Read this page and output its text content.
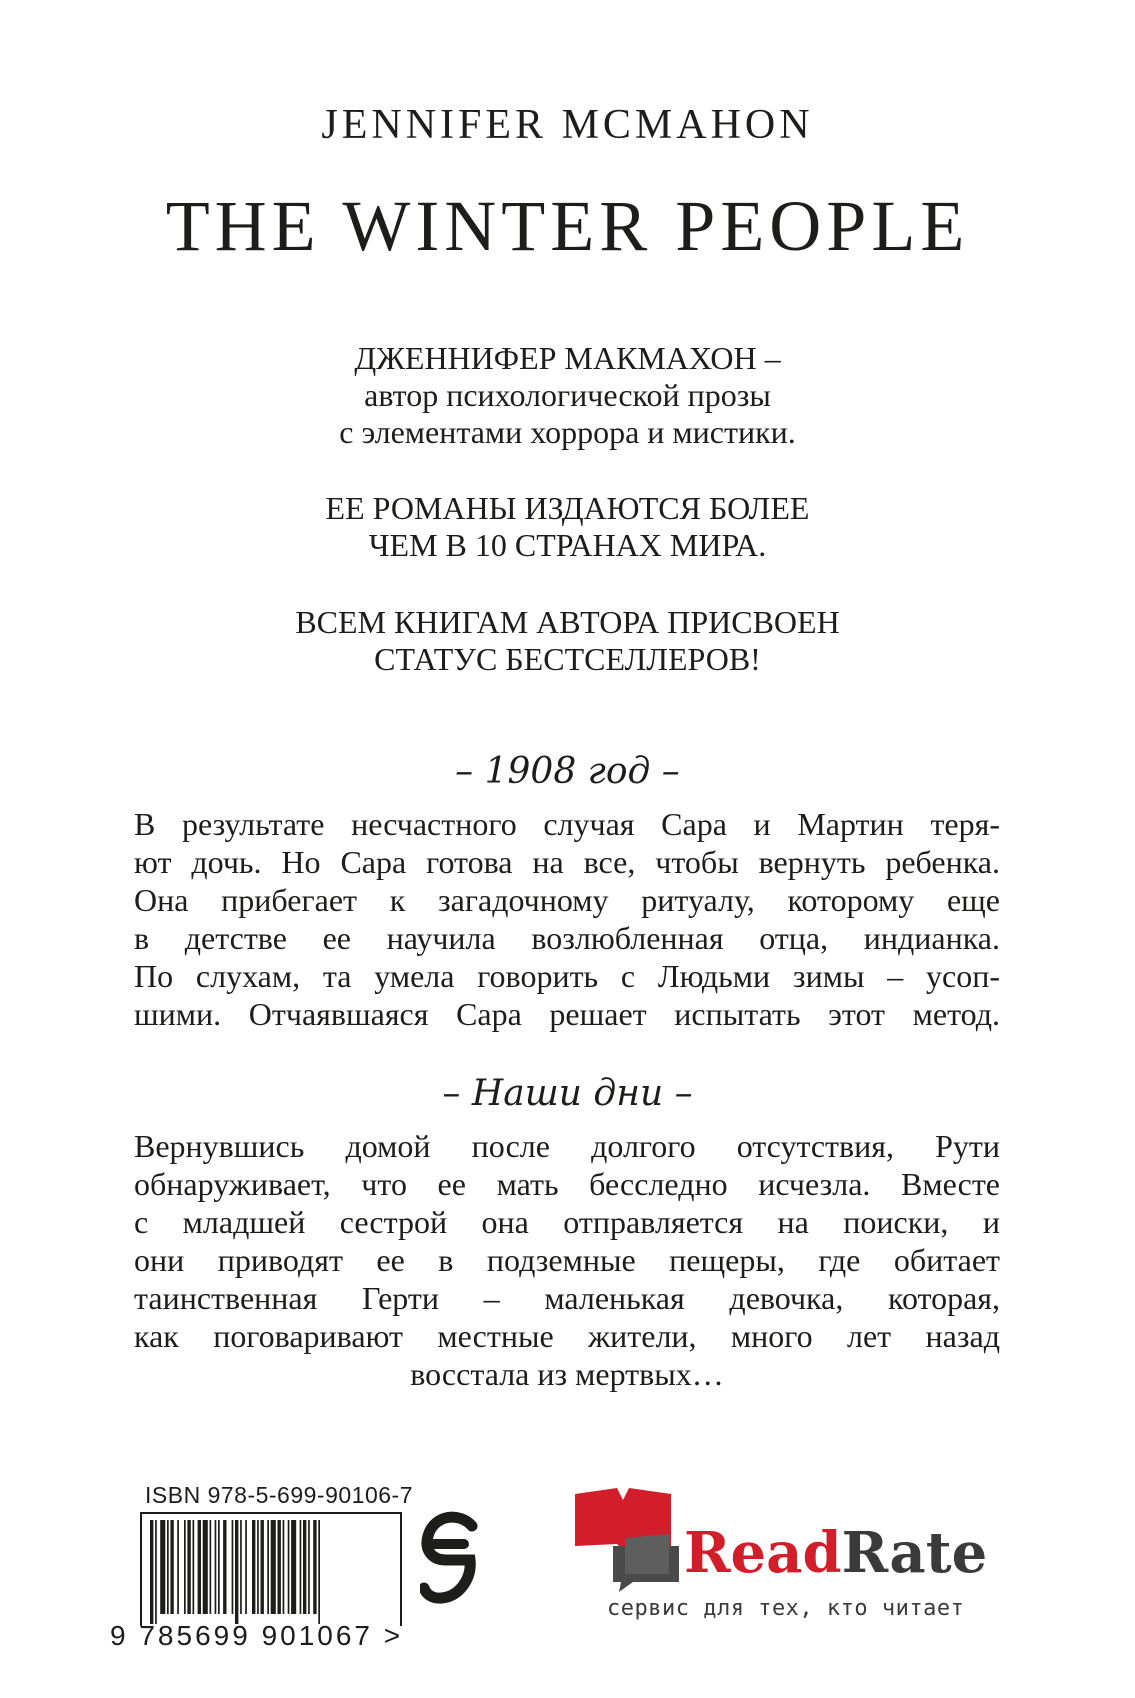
JENNIFER MCMAHON
THE WINTER PEOPLE
ДЖЕННИФЕР МАКМАХОН –
автор психологической прозы
с элементами хоррора и мистики.
ЕЕ РОМАНЫ ИЗДАЮТСЯ БОЛЕЕ
ЧЕМ В 10 СТРАНАХ МИРА.
ВСЕМ КНИГАМ АВТОРА ПРИСВОЕН
СТАТУС БЕСТСЕЛЛЕРОВ!
– 1908 год –
В результате несчастного случая Сара и Мартин теря-
ют дочь. Но Сара готова на все, чтобы вернуть ребенка.
Она прибегает к загадочному ритуалу, которому еще
в детстве ее научила возлюбленная отца, индианка.
По слухам, та умела говорить с Людьми зимы – усоп-
шими. Отчаявшаяся Сара решает испытать этот метод.
– Наши дни –
Вернувшись домой после долгого отсутствия, Рути
обнаруживает, что ее мать бесследно исчезла. Вместе
с младшей сестрой она отправляется на поиски, и
они приводят ее в подземные пещеры, где обитает
таинственная Герти – маленькая девочка, которая,
как поговаривают местные жители, много лет назад
восстала из мертвых…
ISBN 978-5-699-90106-7
9 785699 901067 >
ReadRate
сервис для тех, кто читает
